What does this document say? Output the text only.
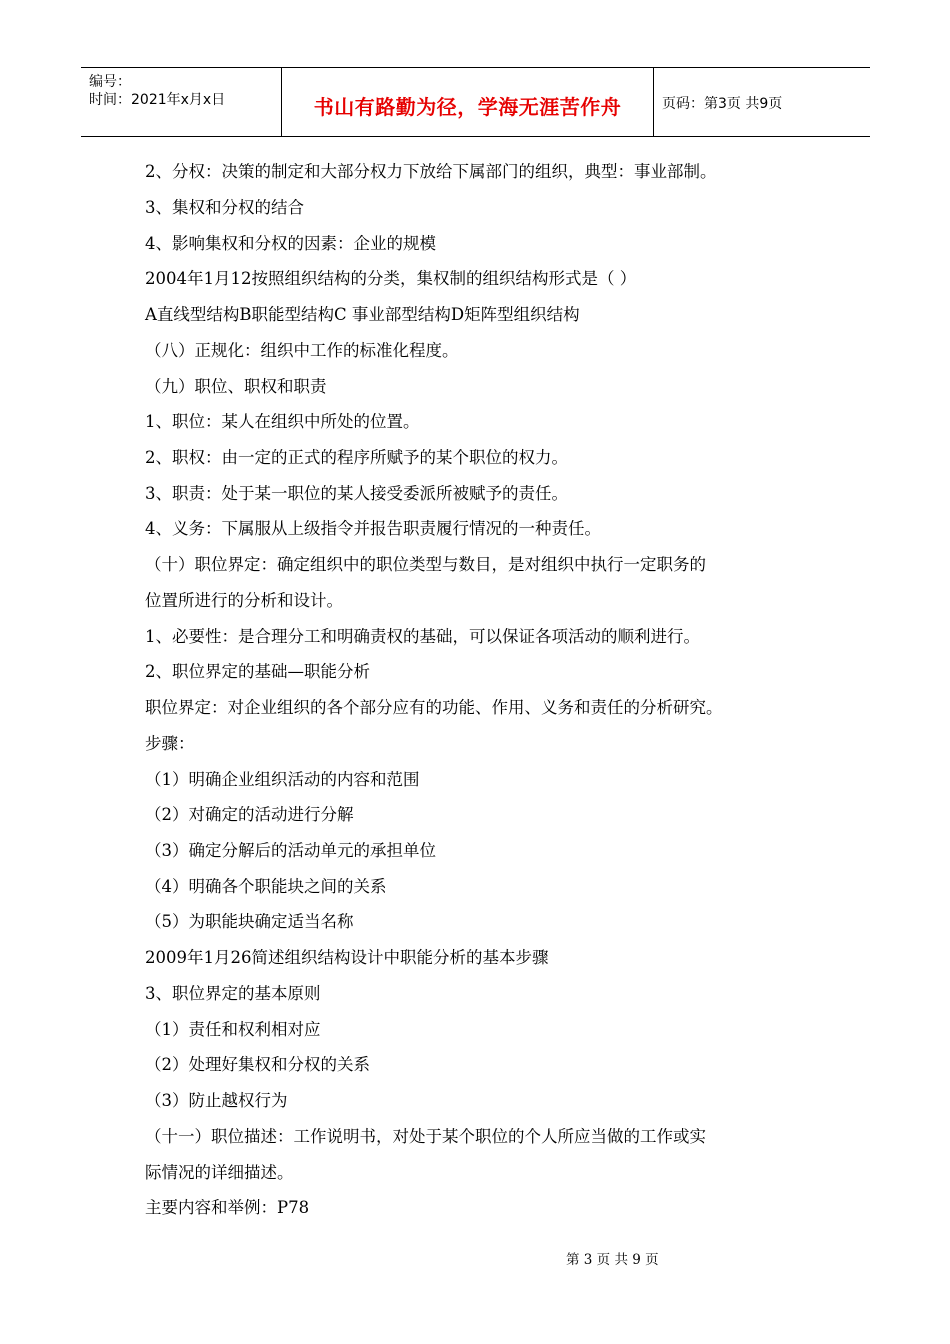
编号：
时间：2021年x月x日	书山有路勤为径，学海无涯苦作舟	页码：第3页 共9页
2、分权：决策的制定和大部分权力下放给下属部门的组织，典型：事业部制。
3、集权和分权的结合
4、影响集权和分权的因素：企业的规模
2004年1月12按照组织结构的分类，集权制的组织结构形式是（ ）
A直线型结构B职能型结构C 事业部型结构D矩阵型组织结构
（八）正规化：组织中工作的标准化程度。
（九）职位、职权和职责
1、职位：某人在组织中所处的位置。
2、职权：由一定的正式的程序所赋予的某个职位的权力。
3、职责：处于某一职位的某人接受委派所被赋予的责任。
4、义务：下属服从上级指令并报告职责履行情况的一种责任。
（十）职位界定：确定组织中的职位类型与数目，是对组织中执行一定职务的
位置所进行的分析和设计。
1、必要性：是合理分工和明确责权的基础，可以保证各项活动的顺利进行。
2、职位界定的基础—职能分析
职位界定：对企业组织的各个部分应有的功能、作用、义务和责任的分析研究。
步骤：
（1）明确企业组织活动的内容和范围
（2）对确定的活动进行分解
（3）确定分解后的活动单元的承担单位
（4）明确各个职能块之间的关系
（5）为职能块确定适当名称
2009年1月26简述组织结构设计中职能分析的基本步骤
3、职位界定的基本原则
（1）责任和权利相对应
（2）处理好集权和分权的关系
（3）防止越权行为
（十一）职位描述：工作说明书，对处于某个职位的个人所应当做的工作或实
际情况的详细描述。
主要内容和举例：P78
第 3 页 共 9 页
